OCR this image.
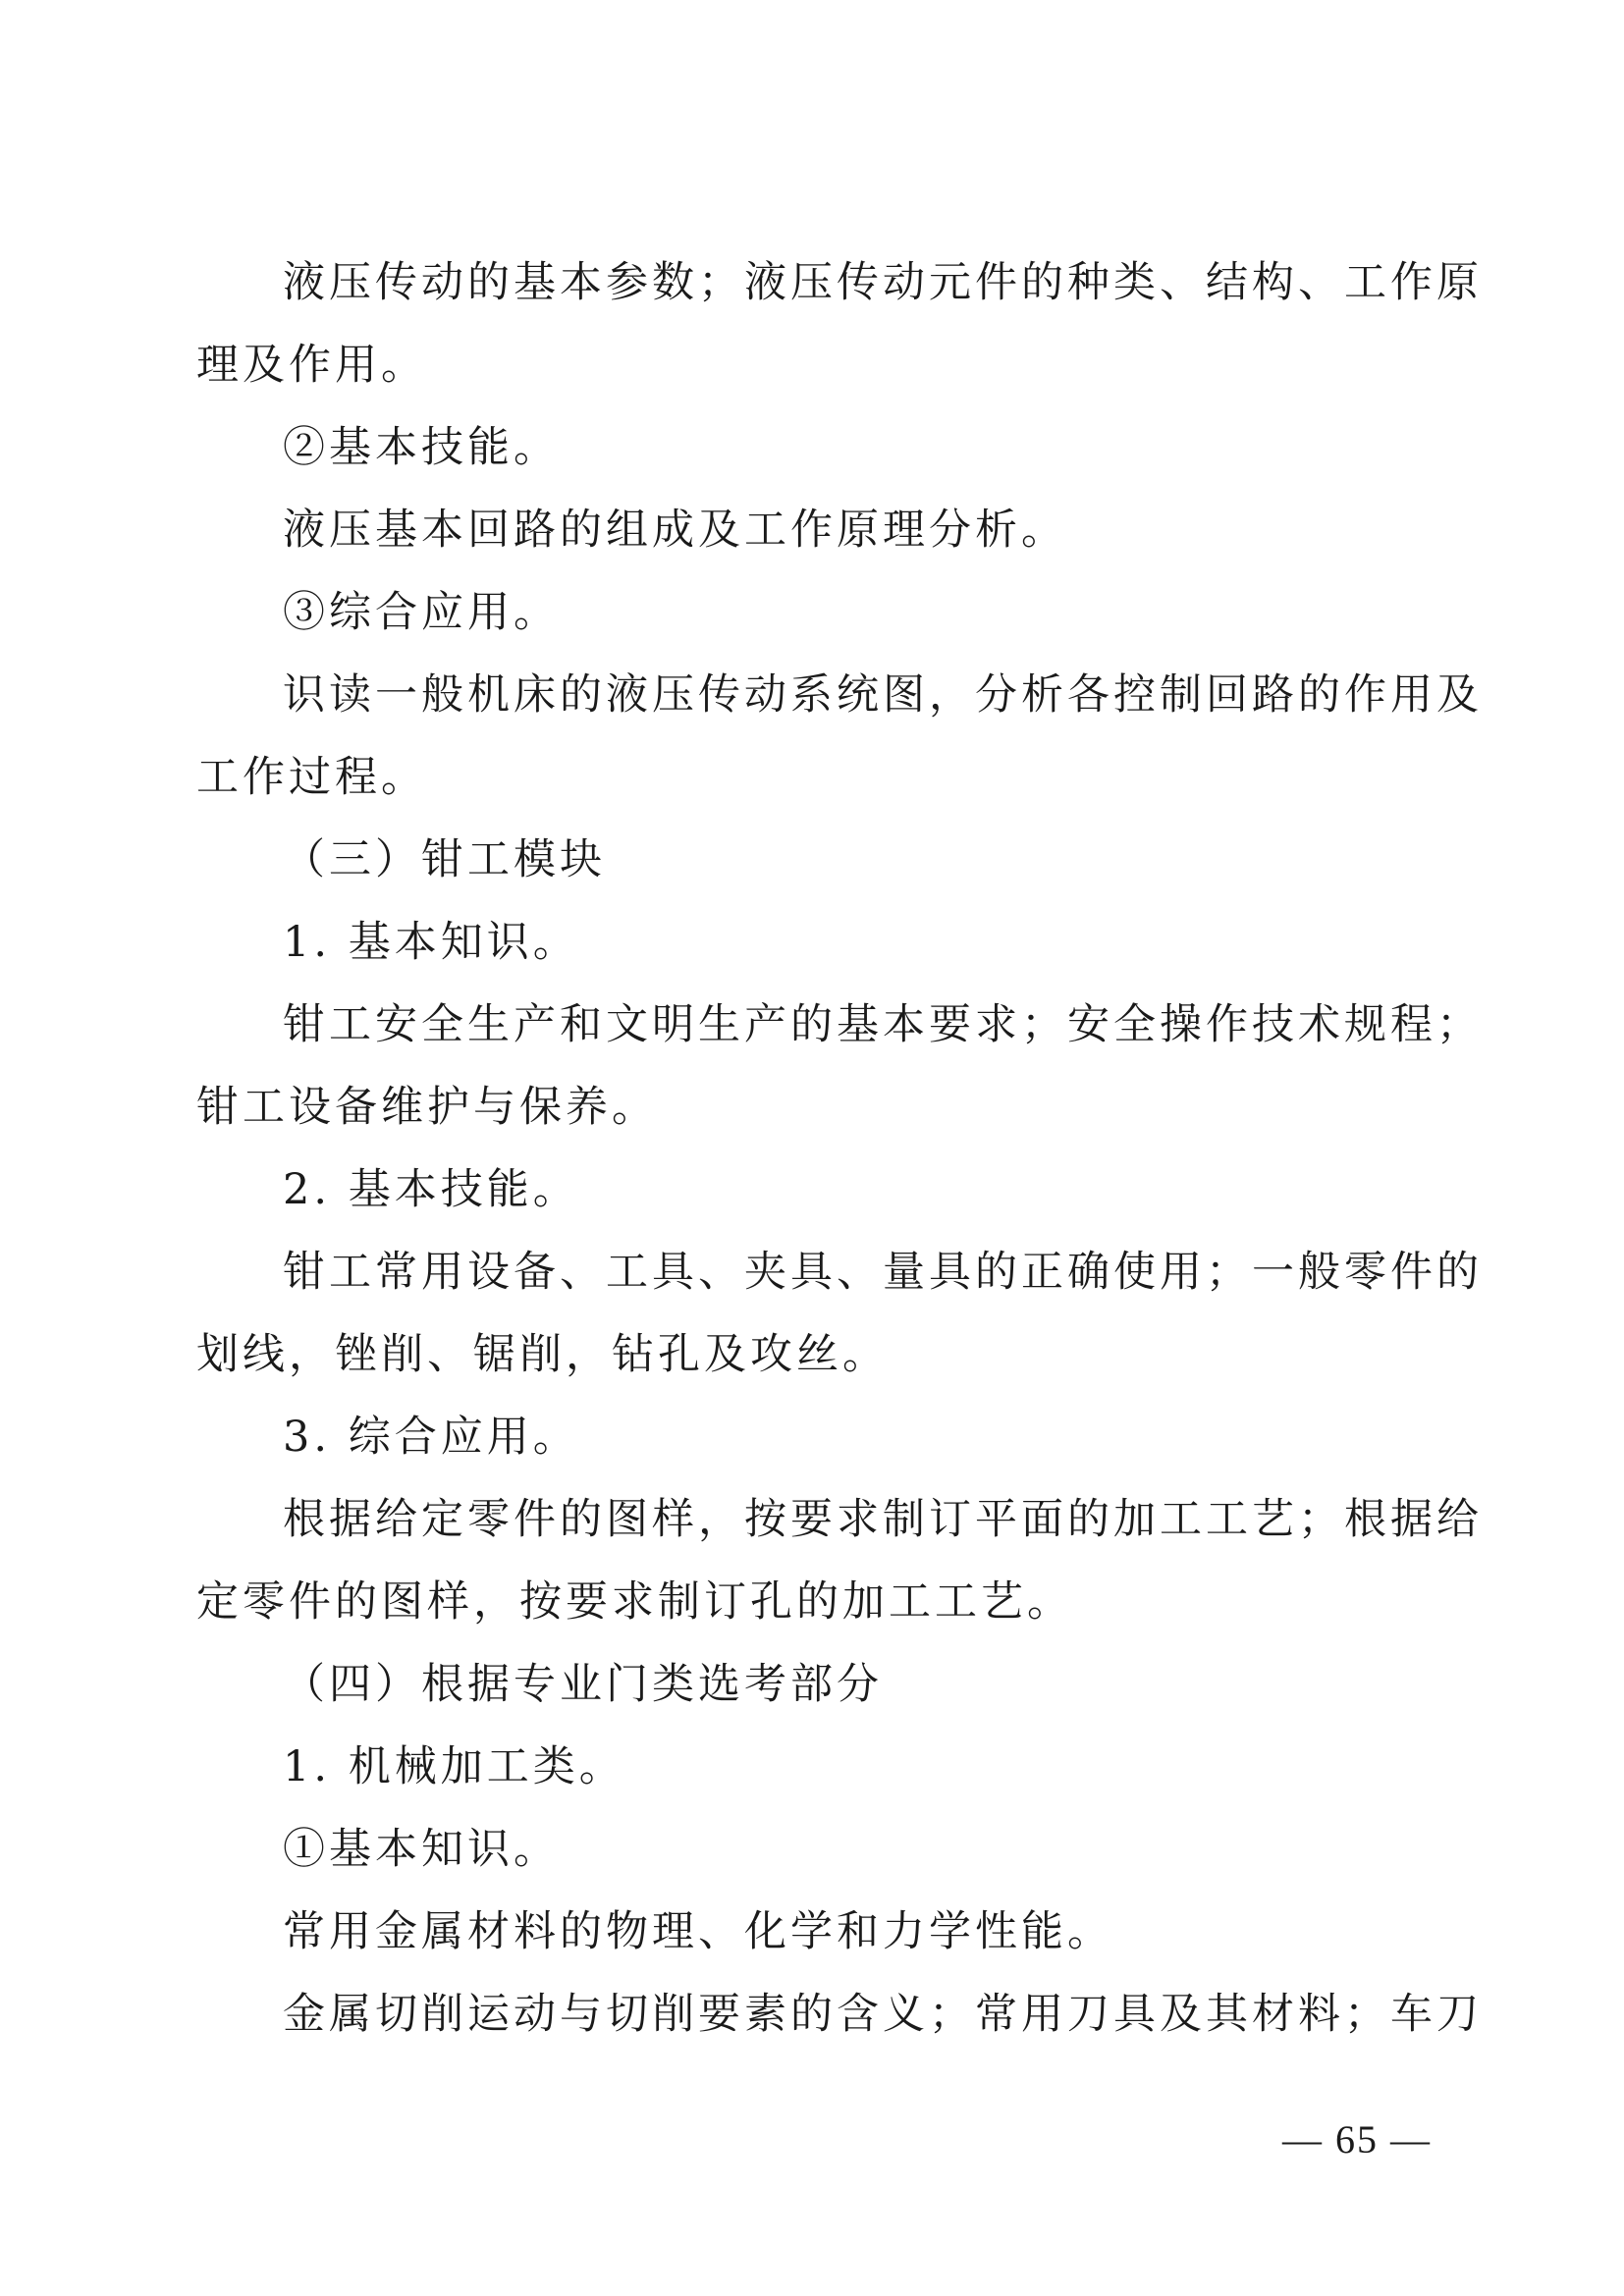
液压传动的基本参数；液压传动元件的种类、结构、工作原
理及作用。
②基本技能。
液压基本回路的组成及工作原理分析。
③综合应用。
识读一般机床的液压传动系统图，分析各控制回路的作用及
工作过程。
（三）钳工模块
1. 基本知识。
钳工安全生产和文明生产的基本要求；安全操作技术规程；
钳工设备维护与保养。
2. 基本技能。
钳工常用设备、工具、夹具、量具的正确使用；一般零件的
划线，锉削、锯削，钻孔及攻丝。
3. 综合应用。
根据给定零件的图样，按要求制订平面的加工工艺；根据给
定零件的图样，按要求制订孔的加工工艺。
（四）根据专业门类选考部分
1. 机械加工类。
①基本知识。
常用金属材料的物理、化学和力学性能。
金属切削运动与切削要素的含义；常用刀具及其材料；车刀
— 65 —
